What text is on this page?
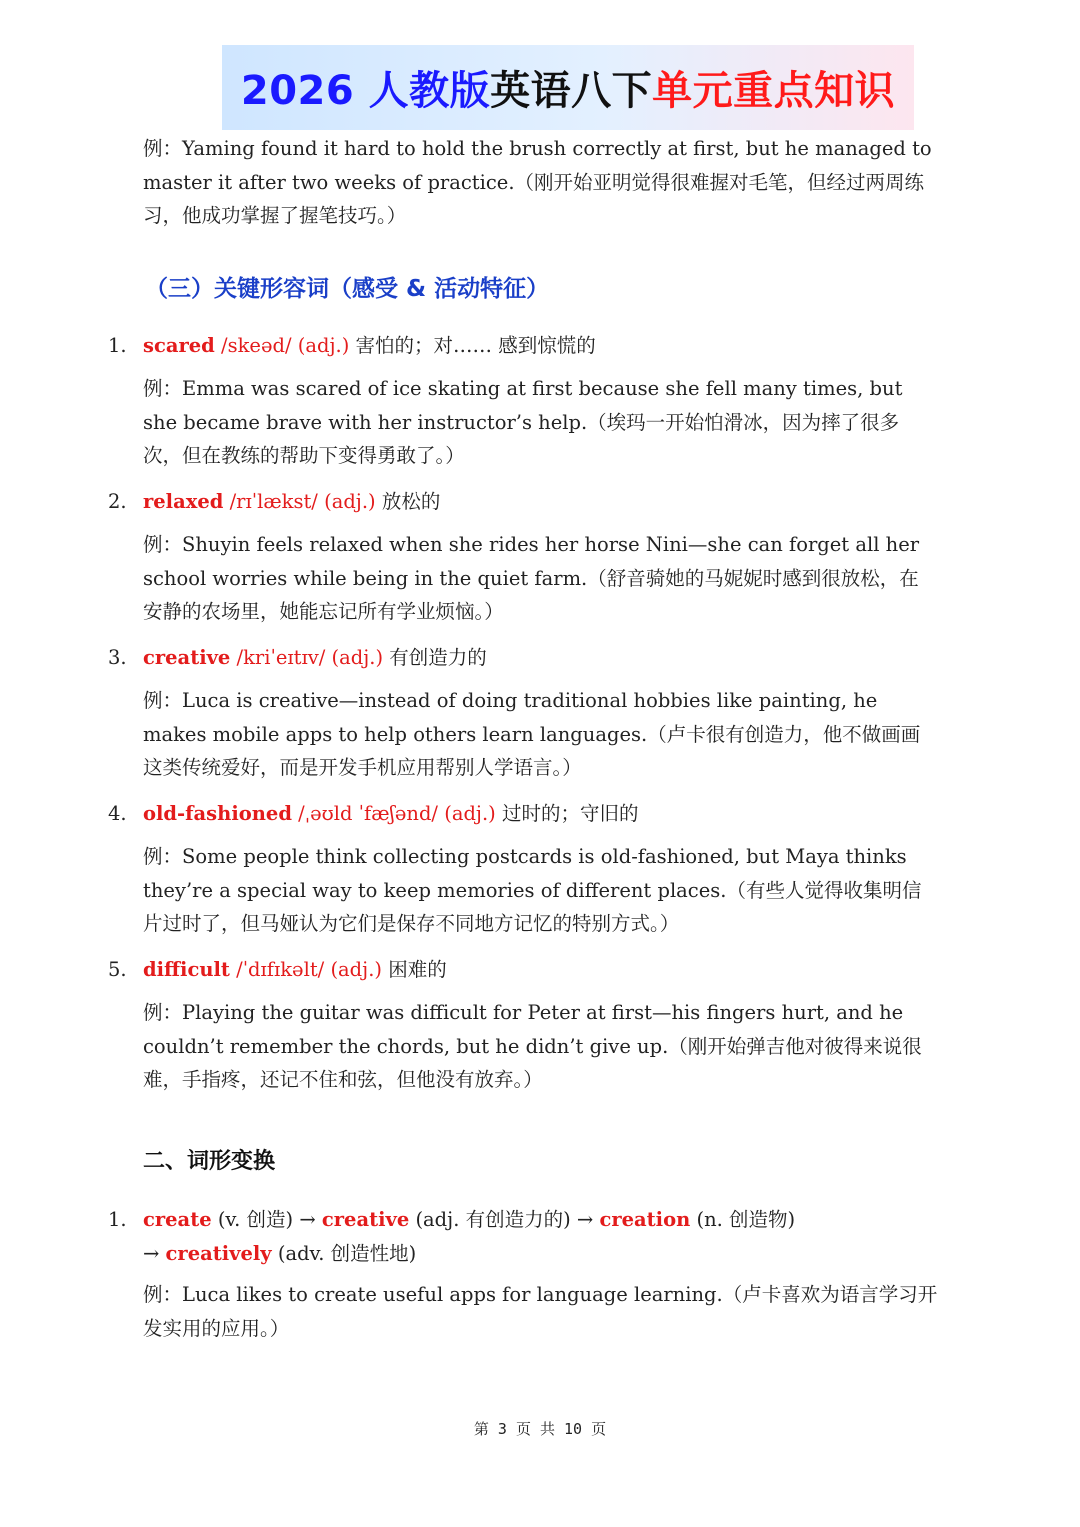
2026 人教版 英语八下 单元重点知识

例：Yaming found it hard to hold the brush correctly at first, but he managed to master it after two weeks of practice.（刚开始亚明觉得很难握对毛笔，但经过两周练习，他成功掌握了握笔技巧。）

（三）关键形容词（感受 & 活动特征）
1. scared /skeəd/ (adj.) 害怕的；对…… 感到惊慌的

例：Emma was scared of ice skating at first because she fell many times, but she became brave with her instructor’s help.（埃玛一开始怕滑冰，因为摔了很多次，但在教练的帮助下变得勇敢了。）

2. relaxed /rɪˈlækst/ (adj.) 放松的

例：Shuyin feels relaxed when she rides her horse Nini—she can forget all her school worries while being in the quiet farm.（舒音骑她的马妮妮时感到很放松，在安静的农场里，她能忘记所有学业烦恼。）

3. creative /kriˈeɪtɪv/ (adj.) 有创造力的

例：Luca is creative—instead of doing traditional hobbies like painting, he makes mobile apps to help others learn languages.（卢卡很有创造力，他不做画画这类传统爱好，而是开发手机应用帮别人学语言。）

4. old-fashioned /ˌəʊld ˈfæʃənd/ (adj.) 过时的；守旧的

例：Some people think collecting postcards is old-fashioned, but Maya thinks they’re a special way to keep memories of different places.（有些人觉得收集明信片过时了，但马娅认为它们是保存不同地方记忆的特别方式。）

5. difficult /ˈdɪfɪkəlt/ (adj.) 困难的

例：Playing the guitar was difficult for Peter at first—his fingers hurt, and he couldn’t remember the chords, but he didn’t give up.（刚开始弹吉他对彼得来说很难，手指疼，还记不住和弦，但他没有放弃。）

二、词形变换
1. create (v. 创造) → creative (adj. 有创造力的) → creation (n. 创造物)
→ creatively (adv. 创造性地)

例：Luca likes to create useful apps for language learning.（卢卡喜欢为语言学习开发实用的应用。）

第 3 页 共 10 页
